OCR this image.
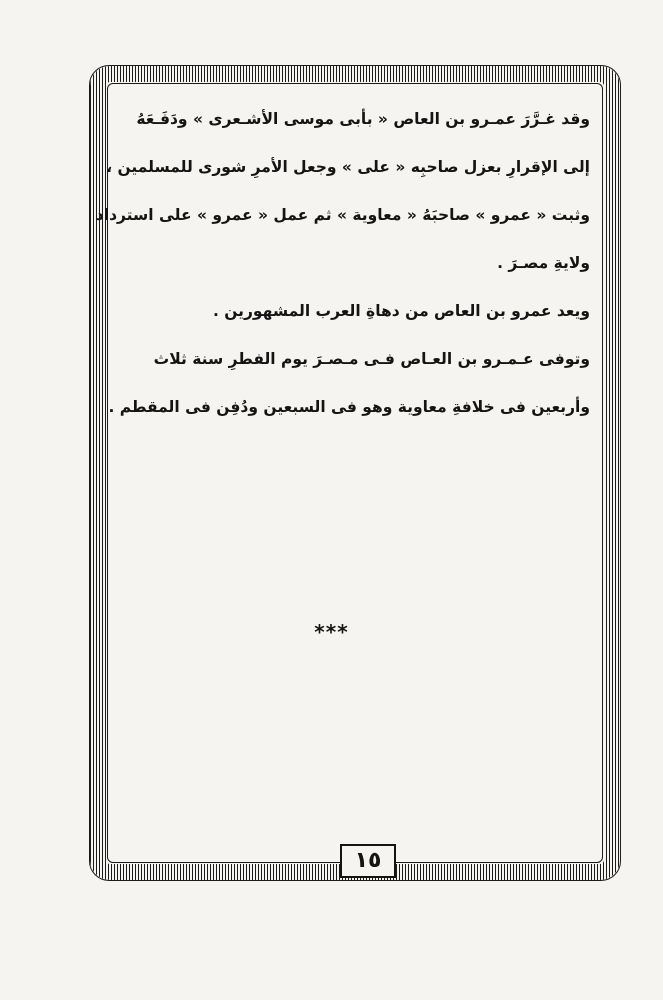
وقد غـرَّرَ عمـرو بن العاص « بأبى موسى الأشـعرى » ودَفَـعَهُ
إلى الإقرارِ بعزل صاحبِه « على » وجعل الأمرِ شورى للمسلمين ،
وثبت « عمرو » صاحبَهُ « معاوية » ثم عمل « عمرو » على استرداد
ولايةِ مصـرَ .
ويعد عمرو بن العاص من دهاةِ العرب المشهورين .
وتوفى عـمـرو بن العـاص فـى مـصـرَ يوم الفطرِ سنة ثلاث
وأربعين فى خلافةِ معاوية وهو فى السبعين ودُفِن فى المقطم .
***
١٥
